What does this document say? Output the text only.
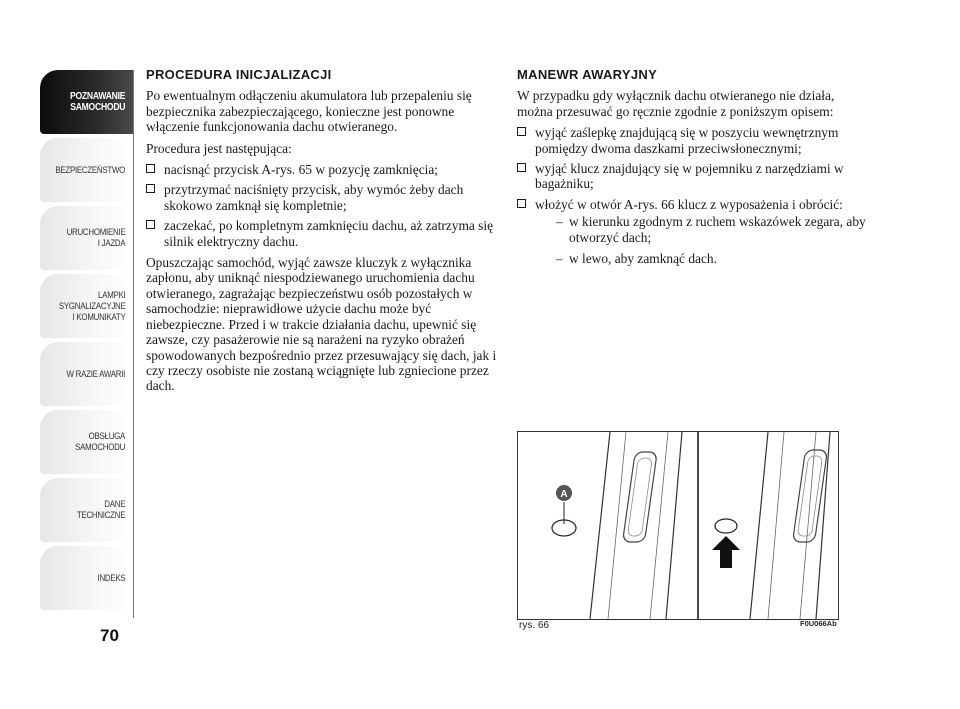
POZNAWANIE
SAMOCHODU
BEZPIECZEŃSTWO
URUCHOMIENIE
I JAZDA
LAMPKI
SYGNALIZACYJNE
I KOMUNIKATY
W RAZIE AWARII
OBSŁUGA
SAMOCHODU
DANE
TECHNICZNE
INDEKS
70
PROCEDURA INICJALIZACJI

Po ewentualnym odłączeniu akumulatora lub przepaleniu się bezpiecznika zabezpieczającego, konieczne jest ponowne włączenie funkcjonowania dachu otwieranego.

Procedura jest następująca:

nacisnąć przycisk A-rys. 65 w pozycję zamknięcia;
przytrzymać naciśnięty przycisk, aby wymóc żeby dach skokowo zamknął się kompletnie;
zaczekać, po kompletnym zamknięciu dachu, aż zatrzyma się silnik elektryczny dachu.

Opuszczając samochód, wyjąć zawsze kluczyk z wyłącznika zapłonu, aby uniknąć niespodziewanego uruchomienia dachu otwieranego, zagrażając bezpieczeństwu osób pozostałych w samochodzie: nieprawidłowe użycie dachu może być niebezpieczne. Przed i w trakcie działania dachu, upewnić się zawsze, czy pasażerowie nie są narażeni na ryzyko obrażeń spowodowanych bezpośrednio przez przesuwający się dach, jak i czy rzeczy osobiste nie zostaną wciągnięte lub zgniecione przez dach.

MANEWR AWARYJNY

W przypadku gdy wyłącznik dachu otwieranego nie działa, można przesuwać go ręcznie zgodnie z poniższym opisem:

wyjąć zaślepkę znajdującą się w poszyciu wewnętrznym pomiędzy dwoma daszkami przeciwsłonecznymi;
wyjąć klucz znajdujący się w pojemniku z narzędziami w bagażniku;
włożyć w otwór A-rys. 66 klucz z wyposażenia i obrócić:
– w kierunku zgodnym z ruchem wskazówek zegara, aby otworzyć dach;
– w lewo, aby zamknąć dach.
A
rys. 66	F0U066Ab
